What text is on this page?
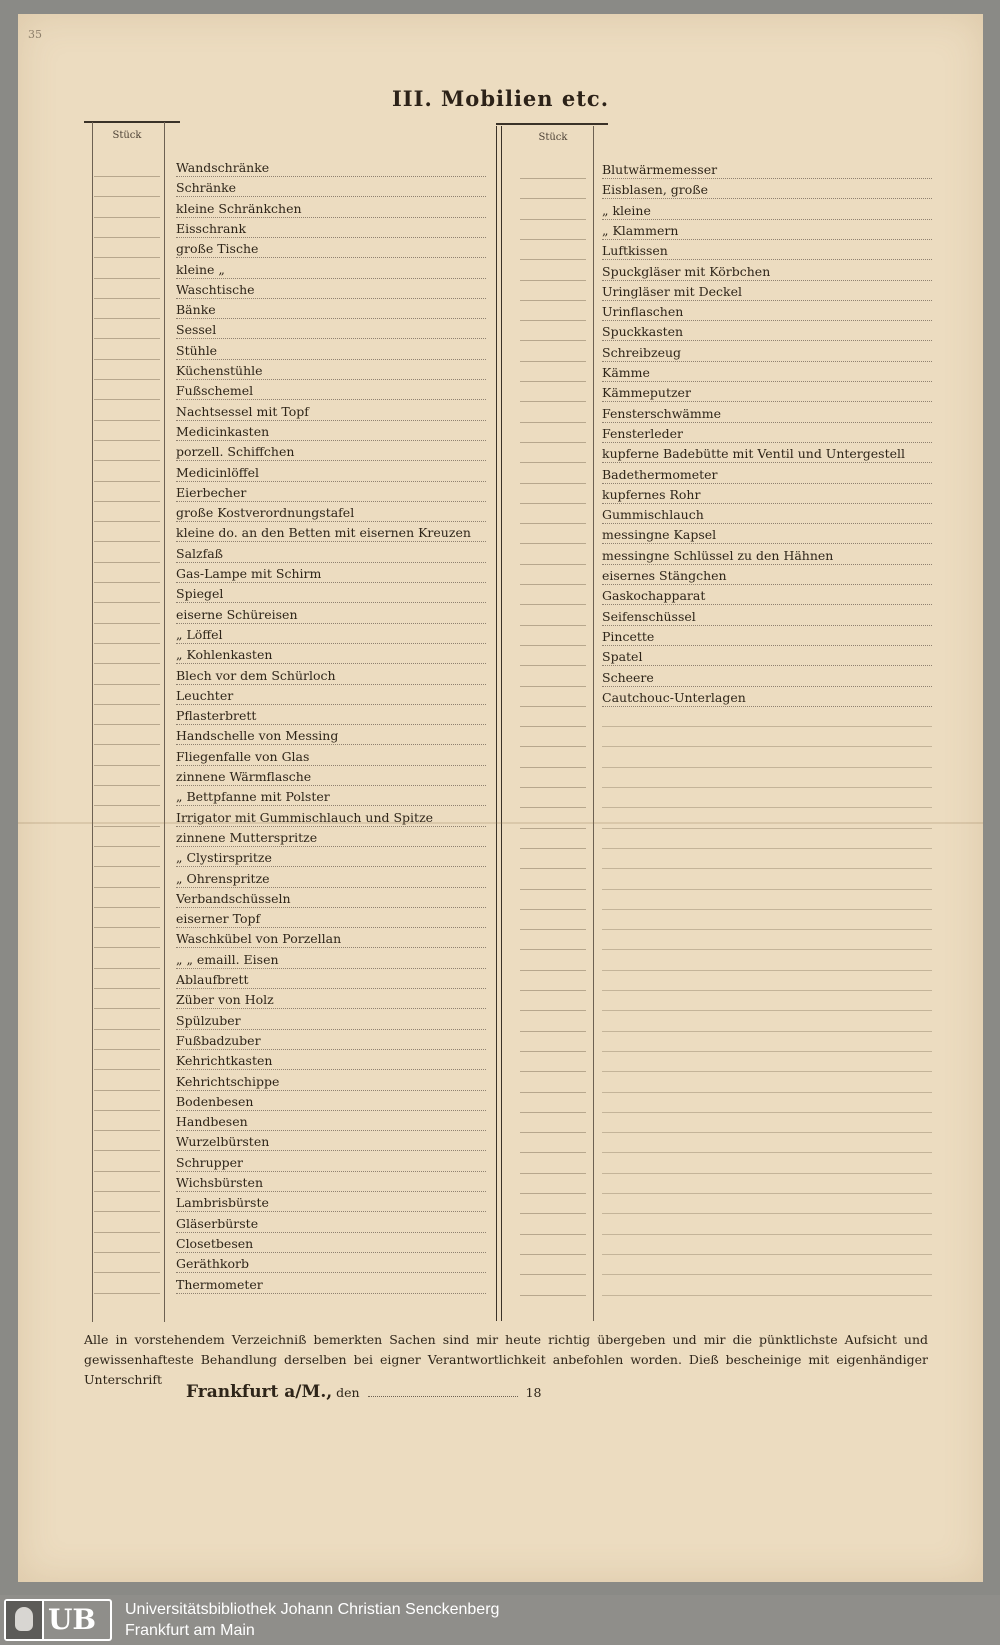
35
III. Mobilien etc.
Stück	Stück
Wandschränke
Schränke
kleine Schränkchen
Eisschrank
große Tische
kleine „
Waschtische
Bänke
Sessel
Stühle
Küchenstühle
Fußschemel
Nachtsessel mit Topf
Medicinkasten
porzell. Schiffchen
Medicinlöffel
Eierbecher
große Kostverordnungstafel
kleine do. an den Betten mit eisernen Kreuzen
Salzfaß
Gas-Lampe mit Schirm
Spiegel
eiserne Schüreisen
„ Löffel
„ Kohlenkasten
Blech vor dem Schürloch
Leuchter
Pflasterbrett
Handschelle von Messing
Fliegenfalle von Glas
zinnene Wärmflasche
„ Bettpfanne mit Polster
Irrigator mit Gummischlauch und Spitze
zinnene Mutterspritze
„ Clystirspritze
„ Ohrenspritze
Verbandschüsseln
eiserner Topf
Waschkübel von Porzellan
„ „ emaill. Eisen
Ablaufbrett
Züber von Holz
Spülzuber
Fußbadzuber
Kehrichtkasten
Kehrichtschippe
Bodenbesen
Handbesen
Wurzelbürsten
Schrupper
Wichsbürsten
Lambrisbürste
Gläserbürste
Closetbesen
Geräthkorb
Thermometer
Blutwärmemesser
Eisblasen, große
„ kleine
„ Klammern
Luftkissen
Spuckgläser mit Körbchen
Uringläser mit Deckel
Urinflaschen
Spuckkasten
Schreibzeug
Kämme
Kämmeputzer
Fensterschwämme
Fensterleder
kupferne Badebütte mit Ventil und Untergestell
Badethermometer
kupfernes Rohr
Gummischlauch
messingne Kapsel
messingne Schlüssel zu den Hähnen
eisernes Stängchen
Gaskochapparat
Seifenschüssel
Pincette
Spatel
Scheere
Cautchouc-Unterlagen
Alle in vorstehendem Verzeichniß bemerkten Sachen sind mir heute richtig übergeben und mir die pünktlichste Aufsicht und gewissenhafteste Behandlung derselben bei eigner Verantwortlichkeit anbefohlen worden. Dieß bescheinige mit eigenhändiger Unterschrift
Frankfurt a/M., den	18
UB Universitätsbibliothek Johann Christian Senckenberg
Frankfurt am Main
